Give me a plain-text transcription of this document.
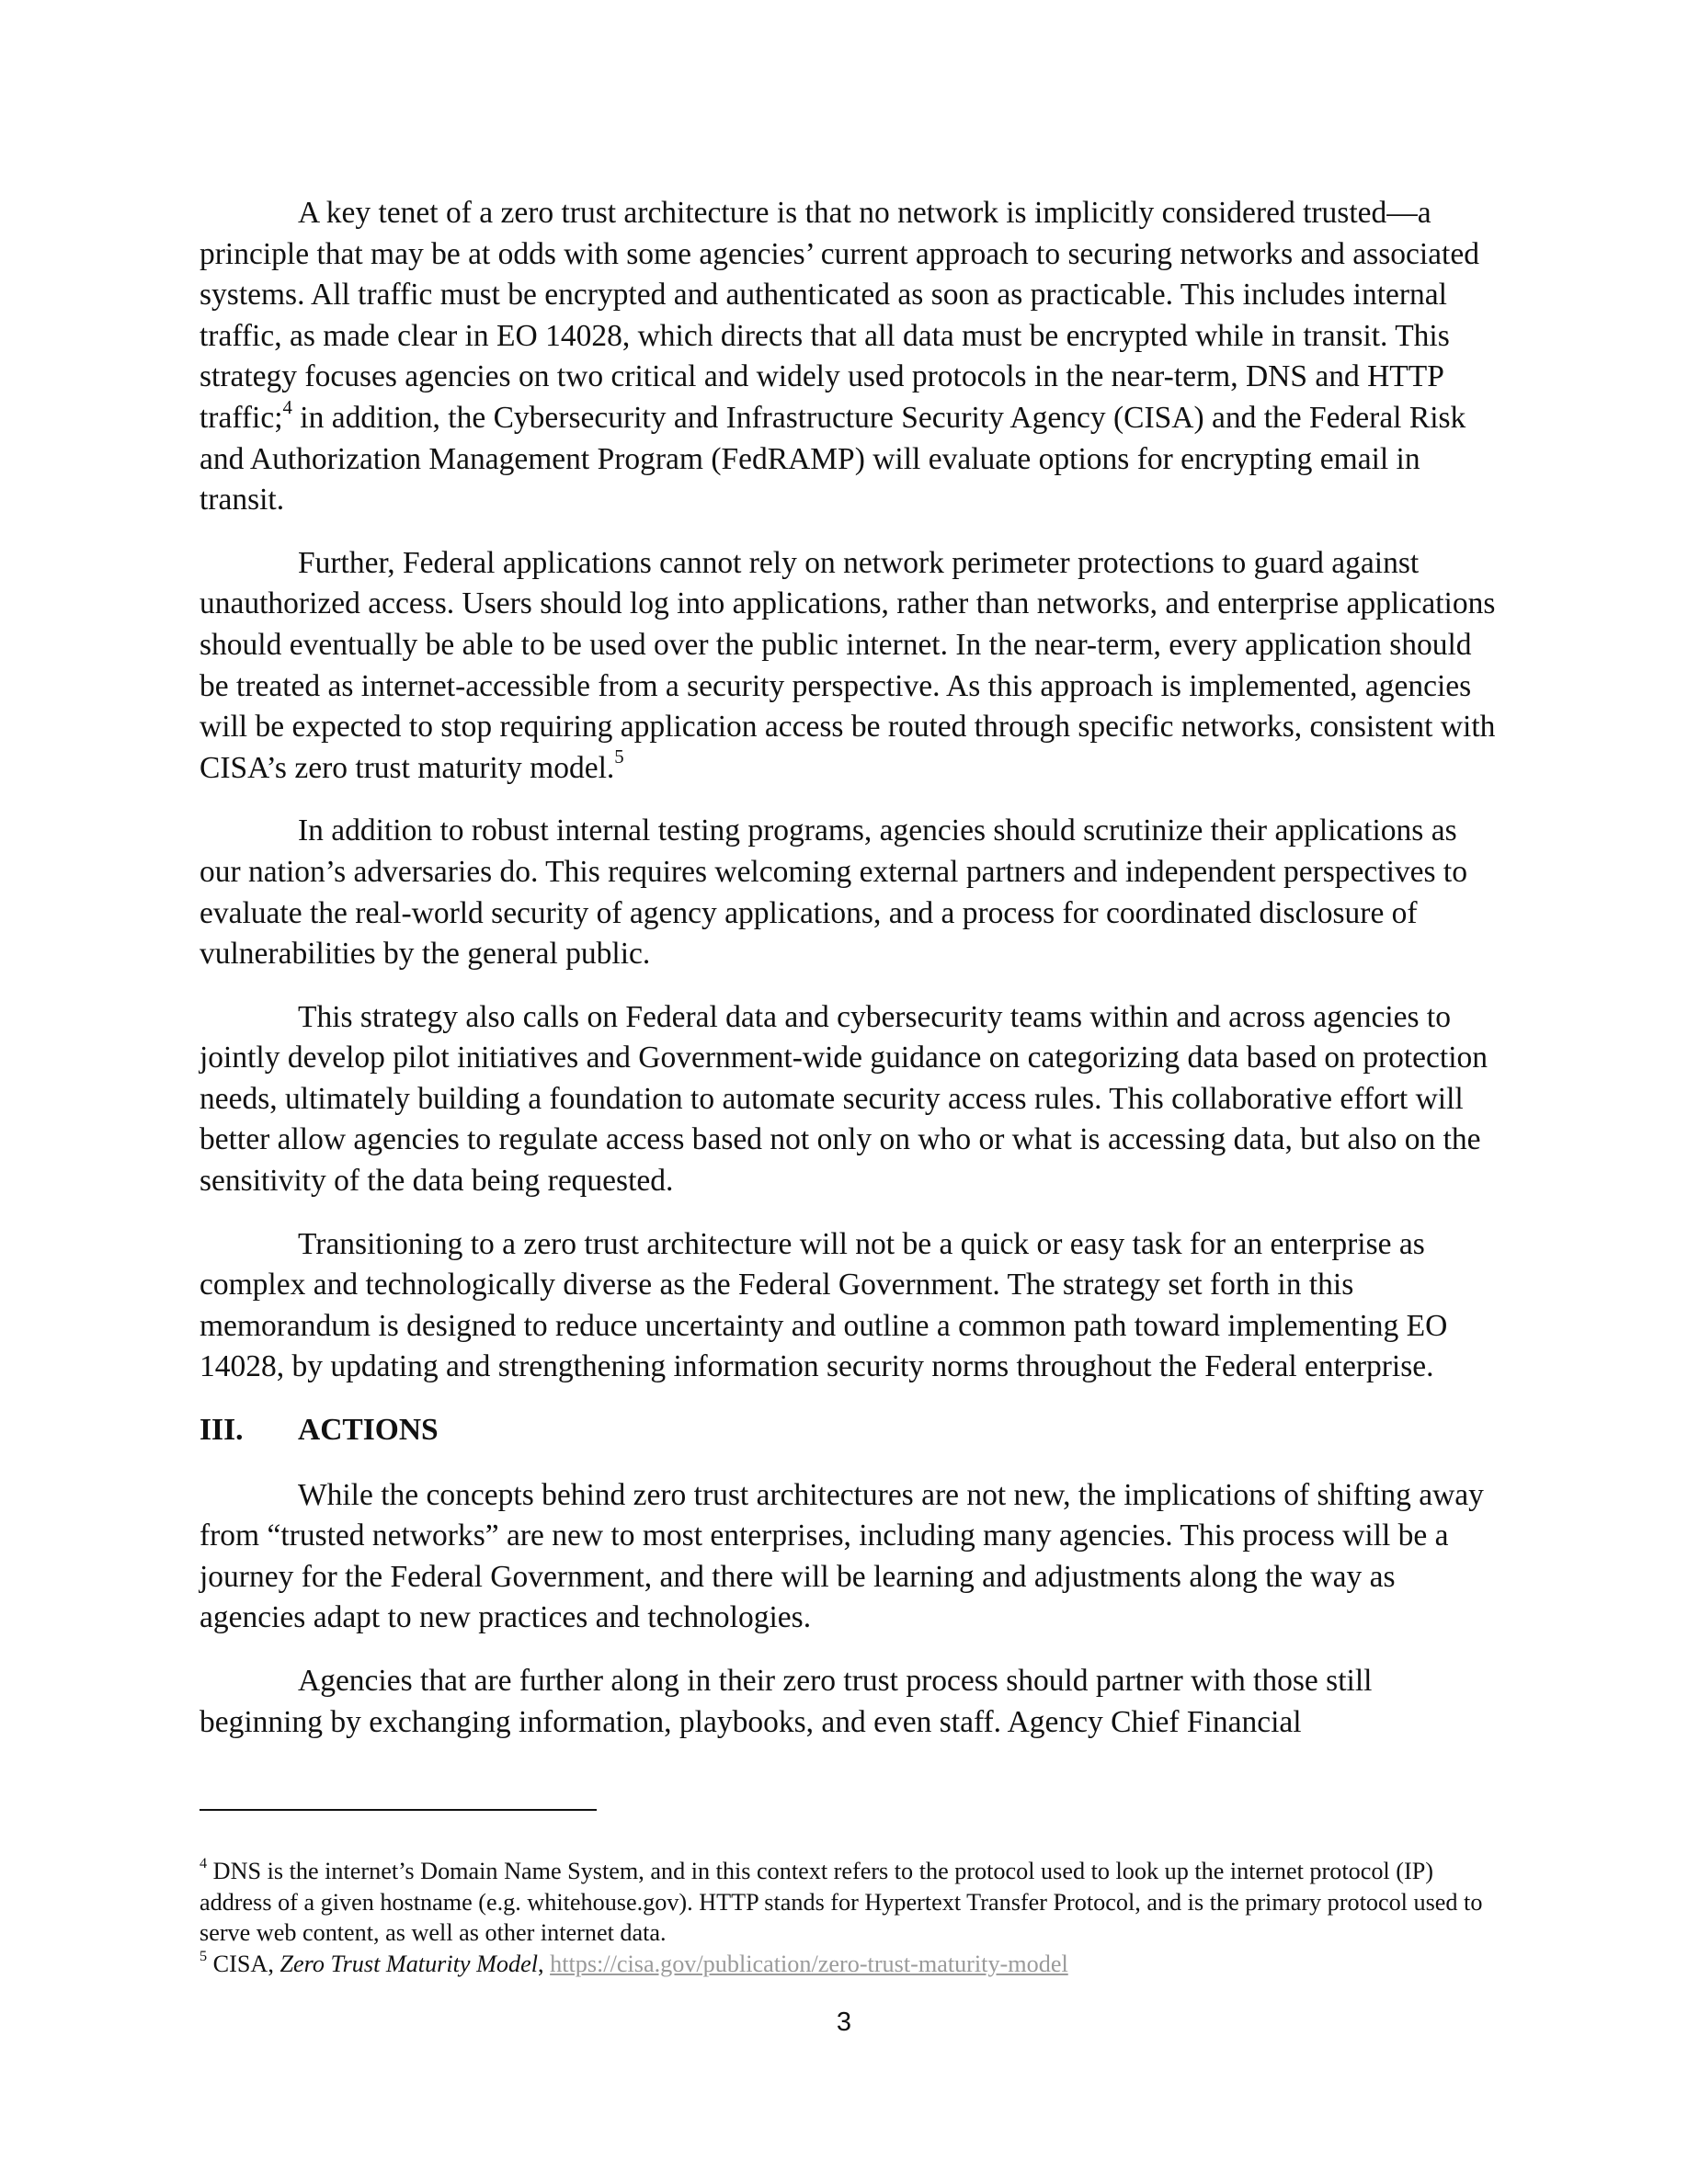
A key tenet of a zero trust architecture is that no network is implicitly considered trusted—a principle that may be at odds with some agencies’ current approach to securing networks and associated systems. All traffic must be encrypted and authenticated as soon as practicable. This includes internal traffic, as made clear in EO 14028, which directs that all data must be encrypted while in transit. This strategy focuses agencies on two critical and widely used protocols in the near-term, DNS and HTTP traffic;$^4$ in addition, the Cybersecurity and Infrastructure Security Agency (CISA) and the Federal Risk and Authorization Management Program (FedRAMP) will evaluate options for encrypting email in transit.

Further, Federal applications cannot rely on network perimeter protections to guard against unauthorized access. Users should log into applications, rather than networks, and enterprise applications should eventually be able to be used over the public internet. In the near-term, every application should be treated as internet-accessible from a security perspective. As this approach is implemented, agencies will be expected to stop requiring application access be routed through specific networks, consistent with CISA’s zero trust maturity model.$^5$

In addition to robust internal testing programs, agencies should scrutinize their applications as our nation’s adversaries do. This requires welcoming external partners and independent perspectives to evaluate the real-world security of agency applications, and a process for coordinated disclosure of vulnerabilities by the general public.

This strategy also calls on Federal data and cybersecurity teams within and across agencies to jointly develop pilot initiatives and Government-wide guidance on categorizing data based on protection needs, ultimately building a foundation to automate security access rules. This collaborative effort will better allow agencies to regulate access based not only on who or what is accessing data, but also on the sensitivity of the data being requested.

Transitioning to a zero trust architecture will not be a quick or easy task for an enterprise as complex and technologically diverse as the Federal Government. The strategy set forth in this memorandum is designed to reduce uncertainty and outline a common path toward implementing EO 14028, by updating and strengthening information security norms throughout the Federal enterprise.

III.	ACTIONS

While the concepts behind zero trust architectures are not new, the implications of shifting away from “trusted networks” are new to most enterprises, including many agencies. This process will be a journey for the Federal Government, and there will be learning and adjustments along the way as agencies adapt to new practices and technologies.

Agencies that are further along in their zero trust process should partner with those still beginning by exchanging information, playbooks, and even staff. Agency Chief Financial

$^4$ DNS is the internet’s Domain Name System, and in this context refers to the protocol used to look up the internet protocol (IP) address of a given hostname (e.g. whitehouse.gov). HTTP stands for Hypertext Transfer Protocol, and is the primary protocol used to serve web content, as well as other internet data.

$^5$ CISA, Zero Trust Maturity Model, https://cisa.gov/publication/zero-trust-maturity-model

3
